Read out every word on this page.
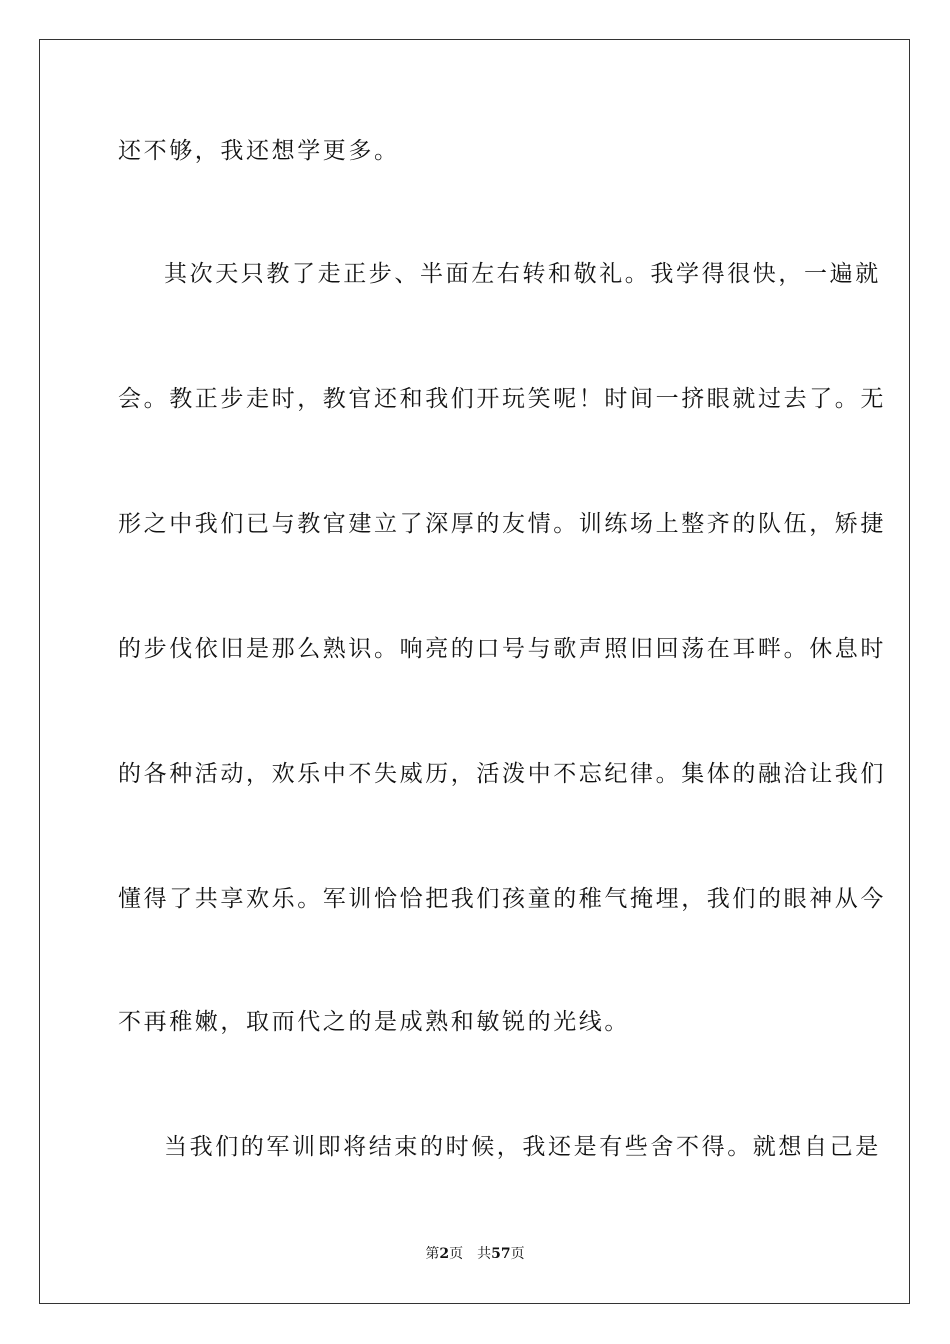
还不够，我还想学更多。
其次天只教了走正步、半面左右转和敬礼。我学得很快，一遍就
会。教正步走时，教官还和我们开玩笑呢！时间一挤眼就过去了。无
形之中我们已与教官建立了深厚的友情。训练场上整齐的队伍，矫捷
的步伐依旧是那么熟识。响亮的口号与歌声照旧回荡在耳畔。休息时
的各种活动，欢乐中不失威历，活泼中不忘纪律。集体的融洽让我们
懂得了共享欢乐。军训恰恰把我们孩童的稚气掩埋，我们的眼神从今
不再稚嫩，取而代之的是成熟和敏锐的光线。
当我们的军训即将结束的时候，我还是有些舍不得。就想自己是
第2页 共57页
